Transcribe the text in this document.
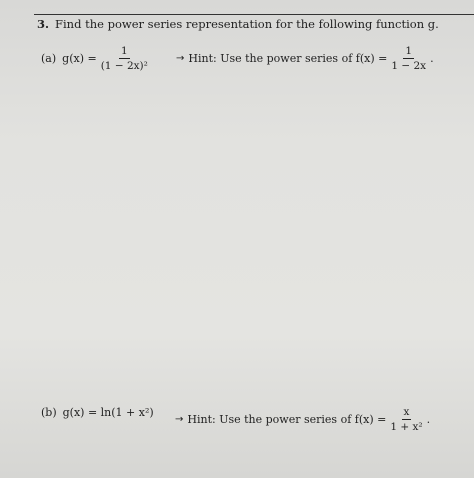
3. Find the power series representation for the following function g.
(a) $g(x) = \frac{1}{\text{(1 − 2x)²}}$	→ Hint: Use the power series of $f(x) = \frac{1}{1 - 2x}$ .
(b) g(x) = ln(1 + x²)
→ Hint: Use the power series of $f(x) = \frac{x}{\text{1 + x²}}$ .
